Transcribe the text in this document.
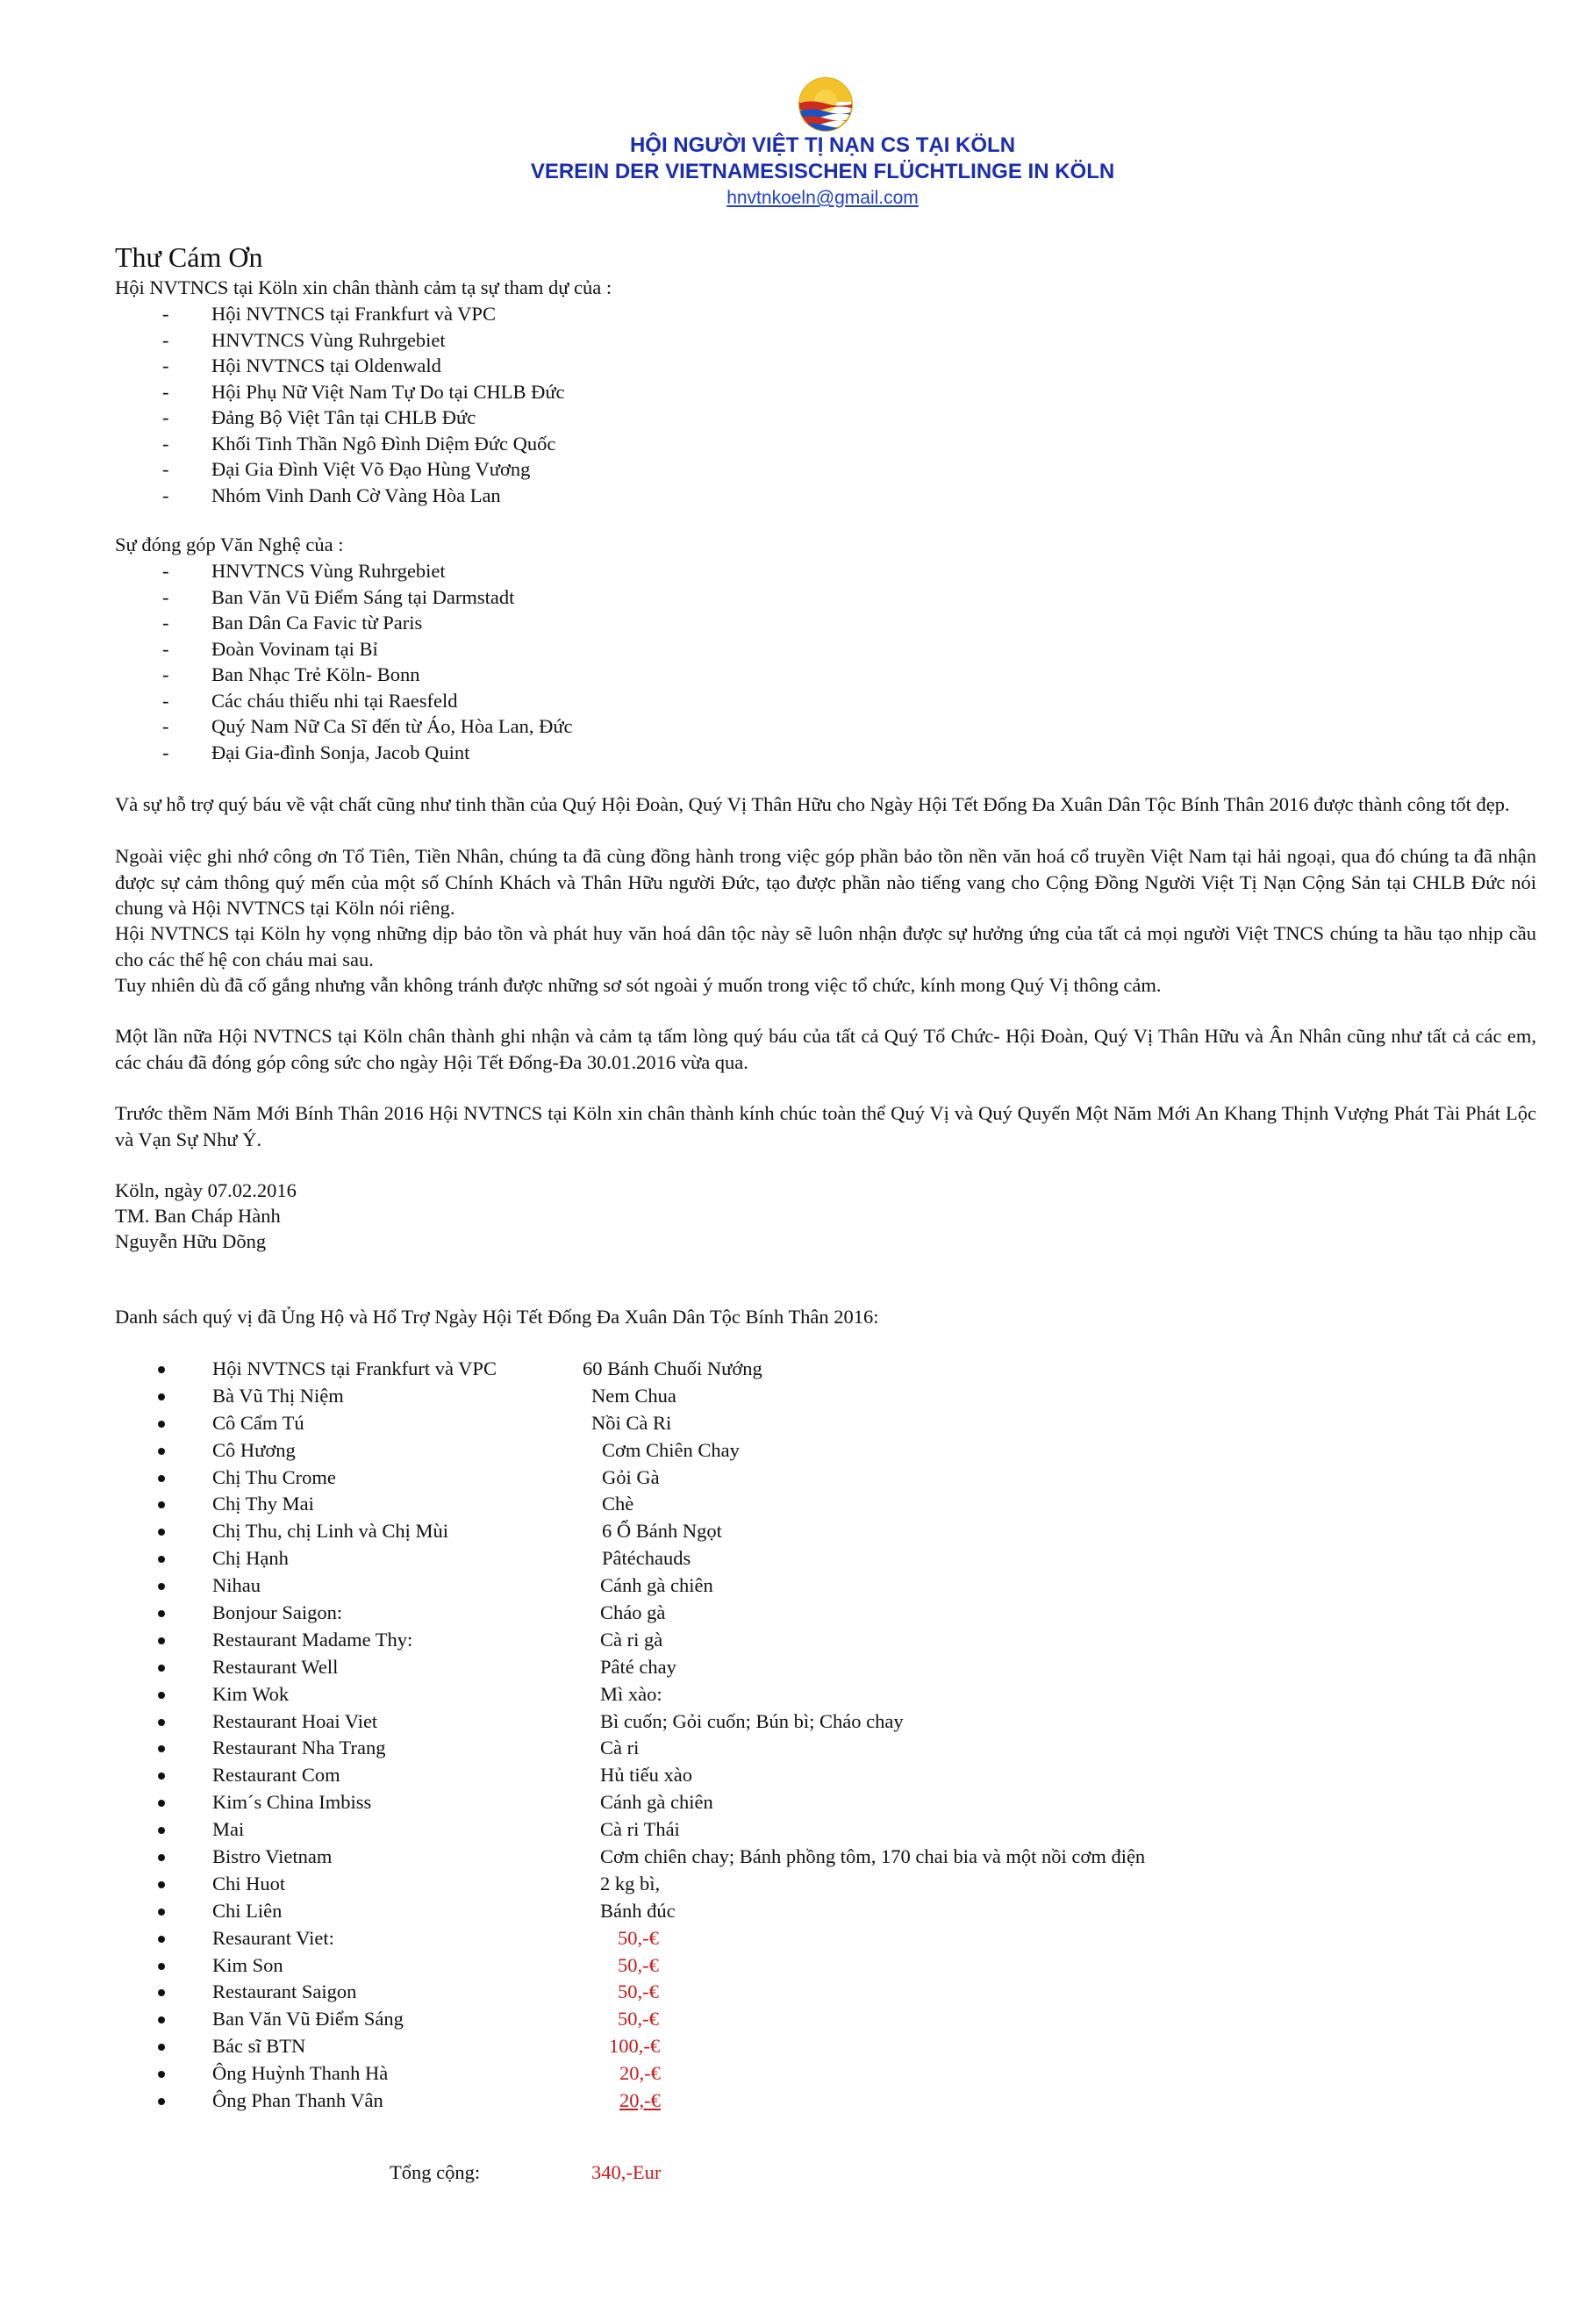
HỘI NGƯỜI VIỆT TỊ NẠN CS TẠI KÖLN
VEREIN DER VIETNAMESISCHEN FLÜCHTLINGE IN KÖLN
hnvtnkoeln@gmail.com
Thư Cám Ơn
Hội NVTNCS tại Köln xin chân thành cảm tạ sự tham dự của :
- Hội NVTNCS tại Frankfurt và VPC
- HNVTNCS Vùng Ruhrgebiet
- Hội NVTNCS tại Oldenwald
- Hội Phụ Nữ Việt Nam Tự Do tại CHLB Đức
- Đảng Bộ Việt Tân tại CHLB Đức
- Khối Tinh Thần Ngô Đình Diệm Đức Quốc
- Đại Gia Đình Việt Võ Đạo Hùng Vương
- Nhóm Vinh Danh Cờ Vàng Hòa Lan
Sự đóng góp Văn Nghệ của :
- HNVTNCS Vùng Ruhrgebiet
- Ban Văn Vũ Điểm Sáng tại Darmstadt
- Ban Dân Ca Favic từ Paris
- Đoàn Vovinam tại Bỉ
- Ban Nhạc Trẻ Köln- Bonn
- Các cháu thiếu nhi tại Raesfeld
- Quý Nam Nữ Ca Sĩ đến từ Áo, Hòa Lan, Đức
- Đại Gia-đình Sonja, Jacob Quint
Và sự hỗ trợ quý báu về vật chất cũng như tinh thần của Quý Hội Đoàn, Quý Vị Thân Hữu cho Ngày Hội Tết Đống Đa Xuân Dân Tộc Bính Thân 2016 được thành công tốt đẹp.
Ngoài việc ghi nhớ công ơn Tổ Tiên, Tiền Nhân, chúng ta đã cùng đồng hành trong việc góp phần bảo tồn nền văn hoá cổ truyền Việt Nam tại hải ngoại, qua đó chúng ta đã nhận được sự cảm thông quý mến của một số Chính Khách và Thân Hữu người Đức, tạo được phần nào tiếng vang cho Cộng Đồng Người Việt Tị Nạn Cộng Sản tại CHLB Đức nói chung và Hội NVTNCS tại Köln nói riêng.
Hội NVTNCS tại Köln hy vọng những dịp bảo tồn và phát huy văn hoá dân tộc này sẽ luôn nhận được sự hưởng ứng của tất cả mọi người Việt TNCS chúng ta hầu tạo nhịp cầu cho các thế hệ con cháu mai sau.
Tuy nhiên dù đã cố gắng nhưng vẫn không tránh được những sơ sót ngoài ý muốn trong việc tổ chức, kính mong Quý Vị thông cảm.
Một lần nữa Hội NVTNCS tại Köln chân thành ghi nhận và cảm tạ tấm lòng quý báu của tất cả Quý Tổ Chức- Hội Đoàn, Quý Vị Thân Hữu và Ân Nhân cũng như tất cả các em, các cháu đã đóng góp công sức cho ngày Hội Tết Đống-Đa 30.01.2016 vừa qua.
Trước thềm Năm Mới Bính Thân 2016 Hội NVTNCS tại Köln xin chân thành kính chúc toàn thể Quý Vị và Quý Quyến Một Năm Mới An Khang Thịnh Vượng Phát Tài Phát Lộc và Vạn Sự Như Ý.
Köln, ngày 07.02.2016
TM. Ban Cháp Hành
Nguyễn Hữu Dõng
Danh sách quý vị đã Ủng Hộ và Hổ Trợ Ngày Hội Tết Đống Đa Xuân Dân Tộc Bính Thân 2016:
Hội NVTNCS tại Frankfurt và VPC	60 Bánh Chuối Nướng
Bà Vũ Thị Niệm	Nem Chua
Cô Cẩm Tú	Nồi Cà Ri
Cô Hương	Cơm Chiên Chay
Chị Thu Crome	Gỏi Gà
Chị Thy Mai	Chè
Chị Thu, chị Linh và Chị Mùi	6 Ổ Bánh Ngọt
Chị Hạnh	Pâtéchauds
Nihau	Cánh gà chiên
Bonjour Saigon:	Cháo gà
Restaurant Madame Thy:	Cà ri gà
Restaurant Well	Pâté chay
Kim Wok	Mì xào:
Restaurant Hoai Viet	Bì cuốn; Gỏi cuốn; Bún bì; Cháo chay
Restaurant Nha Trang	Cà ri
Restaurant Com	Hủ tiếu xào
Kim´s China Imbiss	Cánh gà chiên
Mai	Cà ri Thái
Bistro Vietnam	Cơm chiên chay; Bánh phồng tôm, 170 chai bia và một nồi cơm điện
Chi Huot	2 kg bì,
Chi Liên	Bánh đúc
Resaurant Viet:	50,-€
Kim Son	50,-€
Restaurant Saigon	50,-€
Ban Văn Vũ Điểm Sáng	50,-€
Bác sĩ BTN	100,-€
Ông Huỳnh Thanh Hà	20,-€
Ông Phan Thanh Vân	20,-€
Tổng cộng:	340,-Eur
